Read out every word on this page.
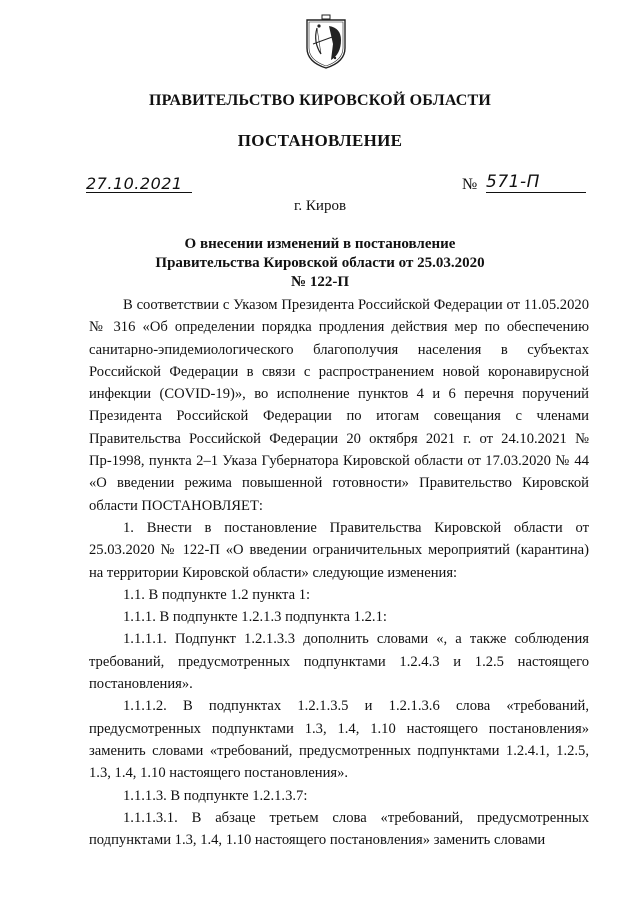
ПРАВИТЕЛЬСТВО КИРОВСКОЙ ОБЛАСТИ
ПОСТАНОВЛЕНИЕ
27.10.2021	№ 571-П
г. Киров
О внесении изменений в постановление Правительства Кировской области от 25.03.2020 № 122-П

В соответствии с Указом Президента Российской Федерации от 11.05.2020 № 316 «Об определении порядка продления действия мер по обеспечению санитарно-эпидемиологического благополучия населения в субъектах Российской Федерации в связи с распространением новой коронавирусной инфекции (COVID-19)», во исполнение пунктов 4 и 6 перечня поручений Президента Российской Федерации по итогам совещания с членами Правительства Российской Федерации 20 октября 2021 г. от 24.10.2021 № Пр-1998, пункта 2–1 Указа Губернатора Кировской области от 17.03.2020 № 44 «О введении режима повышенной готовности» Правительство Кировской области ПОСТАНОВЛЯЕТ:

1. Внести в постановление Правительства Кировской области от 25.03.2020 № 122-П «О введении ограничительных мероприятий (карантина) на территории Кировской области» следующие изменения:

1.1. В подпункте 1.2 пункта 1:

1.1.1. В подпункте 1.2.1.3 подпункта 1.2.1:

1.1.1.1. Подпункт 1.2.1.3.3 дополнить словами «, а также соблюдения требований, предусмотренных подпунктами 1.2.4.3 и 1.2.5 настоящего постановления».

1.1.1.2. В подпунктах 1.2.1.3.5 и 1.2.1.3.6 слова «требований, предусмотренных подпунктами 1.3, 1.4, 1.10 настоящего постановления» заменить словами «требований, предусмотренных подпунктами 1.2.4.1, 1.2.5, 1.3, 1.4, 1.10 настоящего постановления».

1.1.1.3. В подпункте 1.2.1.3.7:

1.1.1.3.1. В абзаце третьем слова «требований, предусмотренных подпунктами 1.3, 1.4, 1.10 настоящего постановления» заменить словами
